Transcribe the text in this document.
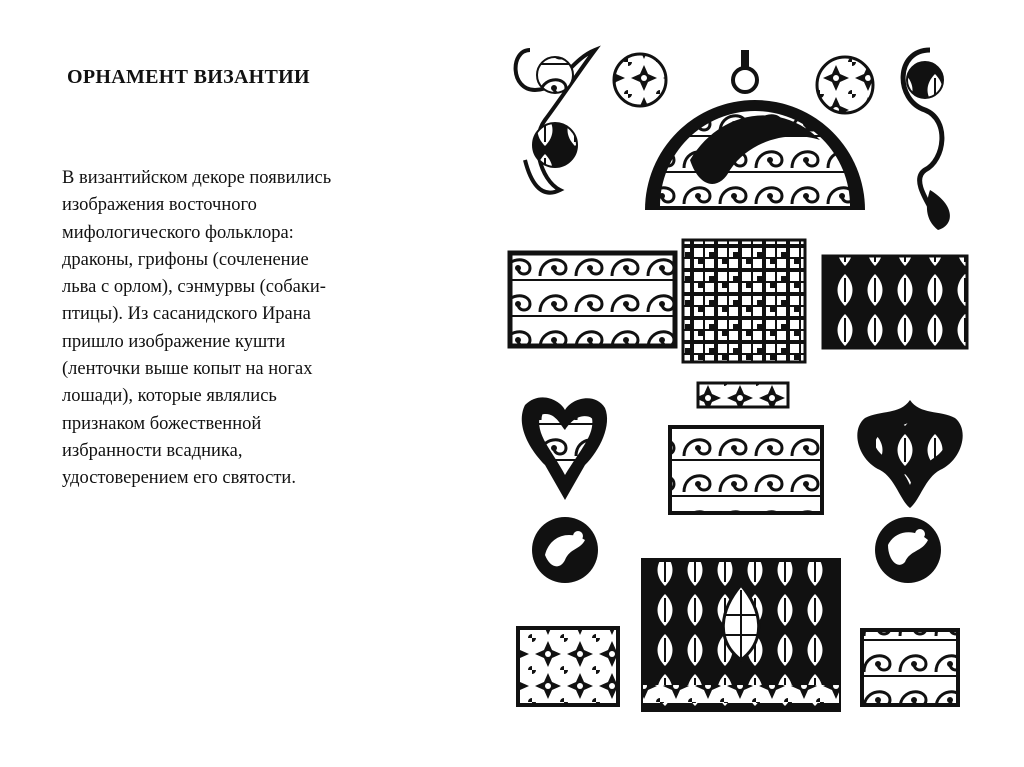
ОРНАМЕНТ ВИЗАНТИИ
В византийском декоре появились
изображения восточного
мифологического фольклора:
драконы, грифоны (сочленение
льва с орлом), сэнмурвы (собаки-
птицы). Из сасанидского Ирана
пришло изображение кушти
(ленточки выше копыт на ногах
лошади), которые являлись
признаком божественной
избранности всадника,
удостоверением его святости.
